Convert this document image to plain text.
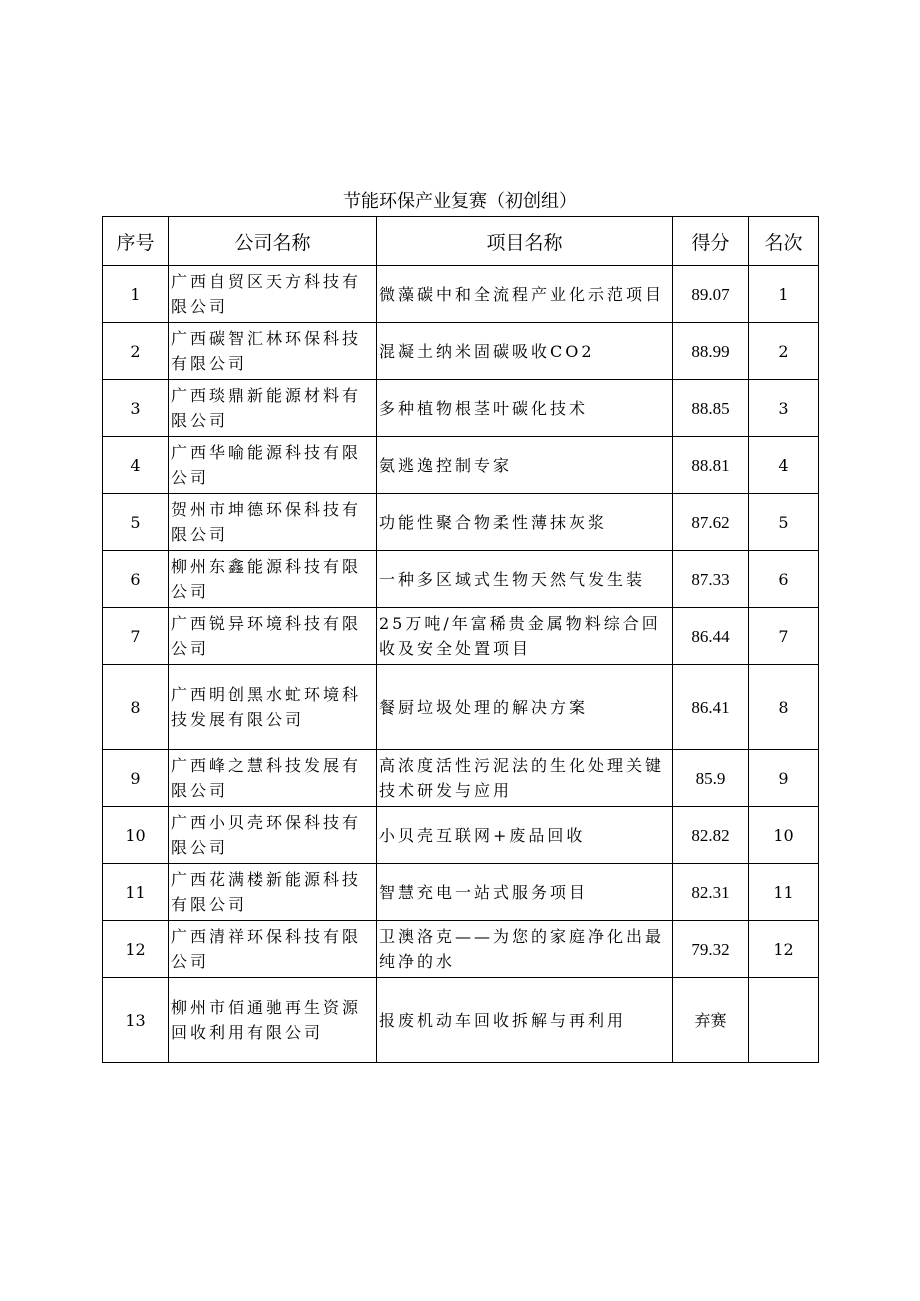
节能环保产业复赛（初创组）
序号	公司名称	项目名称	得分	名次
1	广西自贸区天方科技有限公司	微藻碳中和全流程产业化示范项目	89.07	1
2	广西碳智汇林环保科技有限公司	混凝土纳米固碳吸收CO2	88.99	2
3	广西琰鼎新能源材料有限公司	多种植物根茎叶碳化技术	88.85	3
4	广西华喻能源科技有限公司	氨逃逸控制专家	88.81	4
5	贺州市坤德环保科技有限公司	功能性聚合物柔性薄抹灰浆	87.62	5
6	柳州东鑫能源科技有限公司	一种多区域式生物天然气发生装	87.33	6
7	广西锐异环境科技有限公司	25万吨/年富稀贵金属物料综合回收及安全处置项目	86.44	7
8	广西明创黑水虻环境科技发展有限公司	餐厨垃圾处理的解决方案	86.41	8
9	广西峰之慧科技发展有限公司	高浓度活性污泥法的生化处理关键技术研发与应用	85.9	9
10	广西小贝壳环保科技有限公司	小贝壳互联网+废品回收	82.82	10
11	广西花满楼新能源科技有限公司	智慧充电一站式服务项目	82.31	11
12	广西清祥环保科技有限公司	卫澳洛克——为您的家庭净化出最纯净的水	79.32	12
13	柳州市佰通驰再生资源回收利用有限公司	报废机动车回收拆解与再利用	弃赛	
